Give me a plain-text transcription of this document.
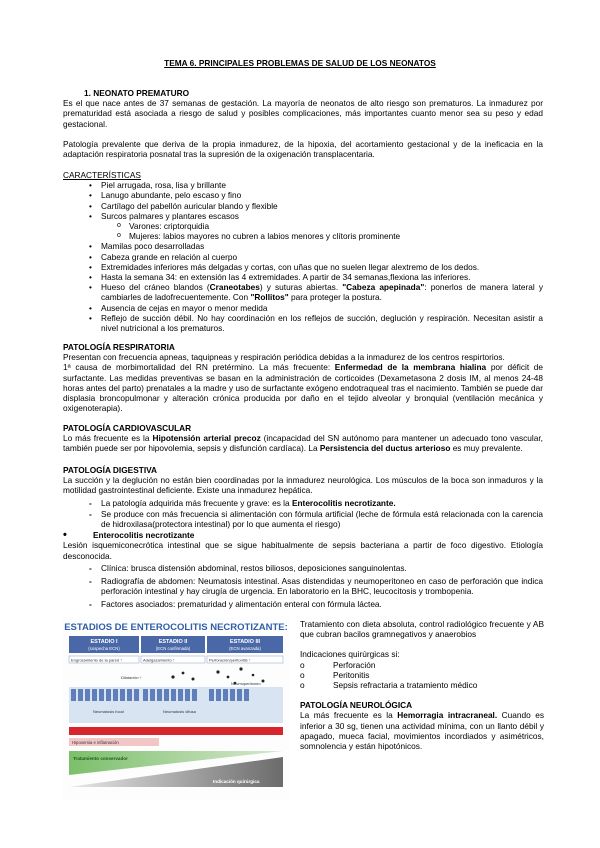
TEMA 6. PRINCIPALES PROBLEMAS DE SALUD DE LOS NEONATOS
1. NEONATO PREMATURO
Es el que nace antes de 37 semanas de gestación. La mayoría de neonatos de alto riesgo son prematuros. La inmadurez por prematuridad está asociada a riesgo de salud y posibles complicaciones, más importantes cuanto menor sea su peso y edad gestacional.
Patología prevalente que deriva de la propia inmadurez, de la hipoxia, del acortamiento gestacional y de la ineficacia en la adaptación respiratoria posnatal tras la supresión de la oxigenación transplacentaria.
CARACTERÍSTICAS
• Piel arrugada, rosa, lisa y brillante
• Lanugo abundante, pelo escaso y fino
• Cartílago del pabellón auricular blando y flexible
• Surcos palmares y plantares escasos
o Varones: criptorquidia
o Mujeres: labios mayores no cubren a labios menores y clítoris prominente
• Mamilas poco desarrolladas
• Cabeza grande en relación al cuerpo
• Extremidades inferiores más delgadas y cortas, con uñas que no suelen llegar alextremo de los dedos.
• Hasta la semana 34: en extensión las 4 extremidades. A partir de 34 semanas,flexiona las inferiores.
• Hueso del cráneo blandos (Craneotabes) y suturas abiertas. "Cabeza apepinada": ponerlos de manera lateral y cambiarles de ladofrecuentemente. Con "Rollitos" para proteger la postura.
• Ausencia de cejas en mayor o menor medida
• Reflejo de succión débil. No hay coordinación en los reflejos de succión, deglución y respiración. Necesitan asistir a nivel nutricional a los prematuros.
PATOLOGÍA RESPIRATORIA
Presentan con frecuencia apneas, taquipneas y respiración periódica debidas a la inmadurez de los centros respirtorios.
1ª causa de morbimortalidad del RN pretérmino. La más frecuente: Enfermedad de la membrana hialina por déficit de surfactante. Las medidas preventivas se basan en la administración de corticoides (Dexametasona 2 dosis IM, al menos 24-48 horas antes del parto) prenatales a la madre y uso de surfactante exógeno endotraqueal tras el nacimiento. También se puede dar displasia broncopulmonar y alteración crónica producida por daño en el tejido alveolar y bronquial (ventilación mecánica y oxigenoterapia).
PATOLOGÍA CARDIOVASCULAR
Lo más frecuente es la Hipotensión arterial precoz (incapacidad del SN autónomo para mantener un adecuado tono vascular, también puede ser por hipovolemia, sepsis y disfunción cardíaca). La Persistencia del ductus arterioso es muy prevalente.
PATOLOGÍA DIGESTIVA
La succión y la deglución no están bien coordinadas por la inmadurez neurológica. Los músculos de la boca son inmaduros y la motilidad gastrointestinal deficiente. Existe una inmadurez hepática.
- La patología adquirida más frecuente y grave: es la Enterocolitis necrotizante.
- Se produce con más frecuencia si alimentación con fórmula artificial (leche de fórmula está relacionada con la carencia de hidroxilasa(protectora intestinal) por lo que aumenta el riesgo)
• Enterocolitis necrotizante
Lesión isquemiconecrótica intestinal que se sigue habitualmente de sepsis bacteriana a partir de foco digestivo. Etiología desconocida.
- Clínica: brusca distensión abdominal, restos biliosos, deposiciones sanguinolentas.
- Radiografía de abdomen: Neumatosis intestinal. Asas distendidas y neumoperitoneo en caso de perforación que indica perforación intestinal y hay cirugía de urgencia. En laboratorio en la BHC, leucocitosis y trombopenia.
- Factores asociados: prematuridad y alimentación enteral con fórmula láctea.
ESTADIOS DE ENTEROCOLITIS NECROTIZANTE:
ESTADIO I
(sospecha ECN)
ESTADIO II
(ECN confirmada)
ESTADIO III
(ECN avanzada)
Engrosamiento de la pared ↑	Adelgazamiento ↑	Perforación/peritonitis ↑
Dilatación ↑
Neumatosis focal	Neumatosis difusa
Neumoperitoneo
Hipoxemia e inflamación
Tratamiento conservador
Indicación quirúrgica
Tratamiento con dieta absoluta, control radiológico frecuente y AB que cubran bacilos gramnegativos y anaerobios
Indicaciones quirúrgicas si:
o Perforación
o Peritonitis
o Sepsis refractaria a tratamiento médico
PATOLOGÍA NEUROLÓGICA
La más frecuente es la Hemorragia intracraneal. Cuando es inferior a 30 sg, tienen una actividad mínima, con un llanto débil y apagado, mueca facial, movimientos incordiados y asimétricos, somnolencia y están hipotónicos.
